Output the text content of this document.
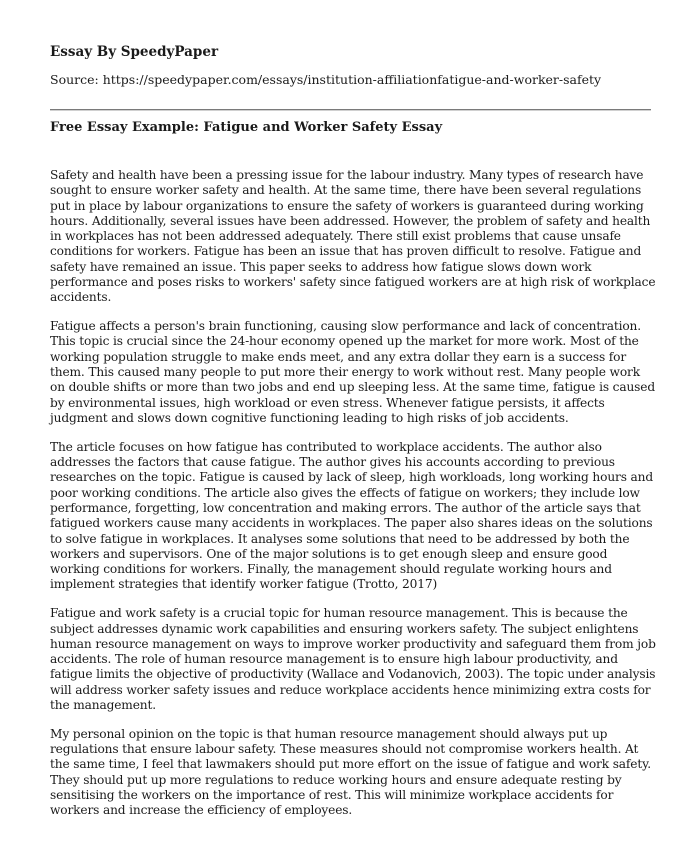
Essay By SpeedyPaper
Source: https://speedypaper.com/essays/institution-affiliationfatigue-and-worker-safety
Free Essay Example: Fatigue and Worker Safety Essay

Safety and health have been a pressing issue for the labour industry. Many types of research have sought to ensure worker safety and health. At the same time, there have been several regulations put in place by labour organizations to ensure the safety of workers is guaranteed during working hours. Additionally, several issues have been addressed. However, the problem of safety and health in workplaces has not been addressed adequately. There still exist problems that cause unsafe conditions for workers. Fatigue has been an issue that has proven difficult to resolve. Fatigue and safety have remained an issue. This paper seeks to address how fatigue slows down work performance and poses risks to workers' safety since fatigued workers are at high risk of workplace accidents.

Fatigue affects a person's brain functioning, causing slow performance and lack of concentration. This topic is crucial since the 24-hour economy opened up the market for more work. Most of the working population struggle to make ends meet, and any extra dollar they earn is a success for them. This caused many people to put more their energy to work without rest. Many people work on double shifts or more than two jobs and end up sleeping less. At the same time, fatigue is caused by environmental issues, high workload or even stress. Whenever fatigue persists, it affects judgment and slows down cognitive functioning leading to high risks of job accidents.

The article focuses on how fatigue has contributed to workplace accidents. The author also addresses the factors that cause fatigue. The author gives his accounts according to previous researches on the topic. Fatigue is caused by lack of sleep, high workloads, long working hours and poor working conditions. The article also gives the effects of fatigue on workers; they include low performance, forgetting, low concentration and making errors. The author of the article says that fatigued workers cause many accidents in workplaces. The paper also shares ideas on the solutions to solve fatigue in workplaces. It analyses some solutions that need to be addressed by both the workers and supervisors. One of the major solutions is to get enough sleep and ensure good working conditions for workers. Finally, the management should regulate working hours and implement strategies that identify worker fatigue (Trotto, 2017)

Fatigue and work safety is a crucial topic for human resource management. This is because the subject addresses dynamic work capabilities and ensuring workers safety. The subject enlightens human resource management on ways to improve worker productivity and safeguard them from job accidents. The role of human resource management is to ensure high labour productivity, and fatigue limits the objective of productivity (Wallace and Vodanovich, 2003). The topic under analysis will address worker safety issues and reduce workplace accidents hence minimizing extra costs for the management.

My personal opinion on the topic is that human resource management should always put up regulations that ensure labour safety. These measures should not compromise workers health. At the same time, I feel that lawmakers should put more effort on the issue of fatigue and work safety. They should put up more regulations to reduce working hours and ensure adequate resting by sensitising the workers on the importance of rest. This will minimize workplace accidents for workers and increase the efficiency of employees.
